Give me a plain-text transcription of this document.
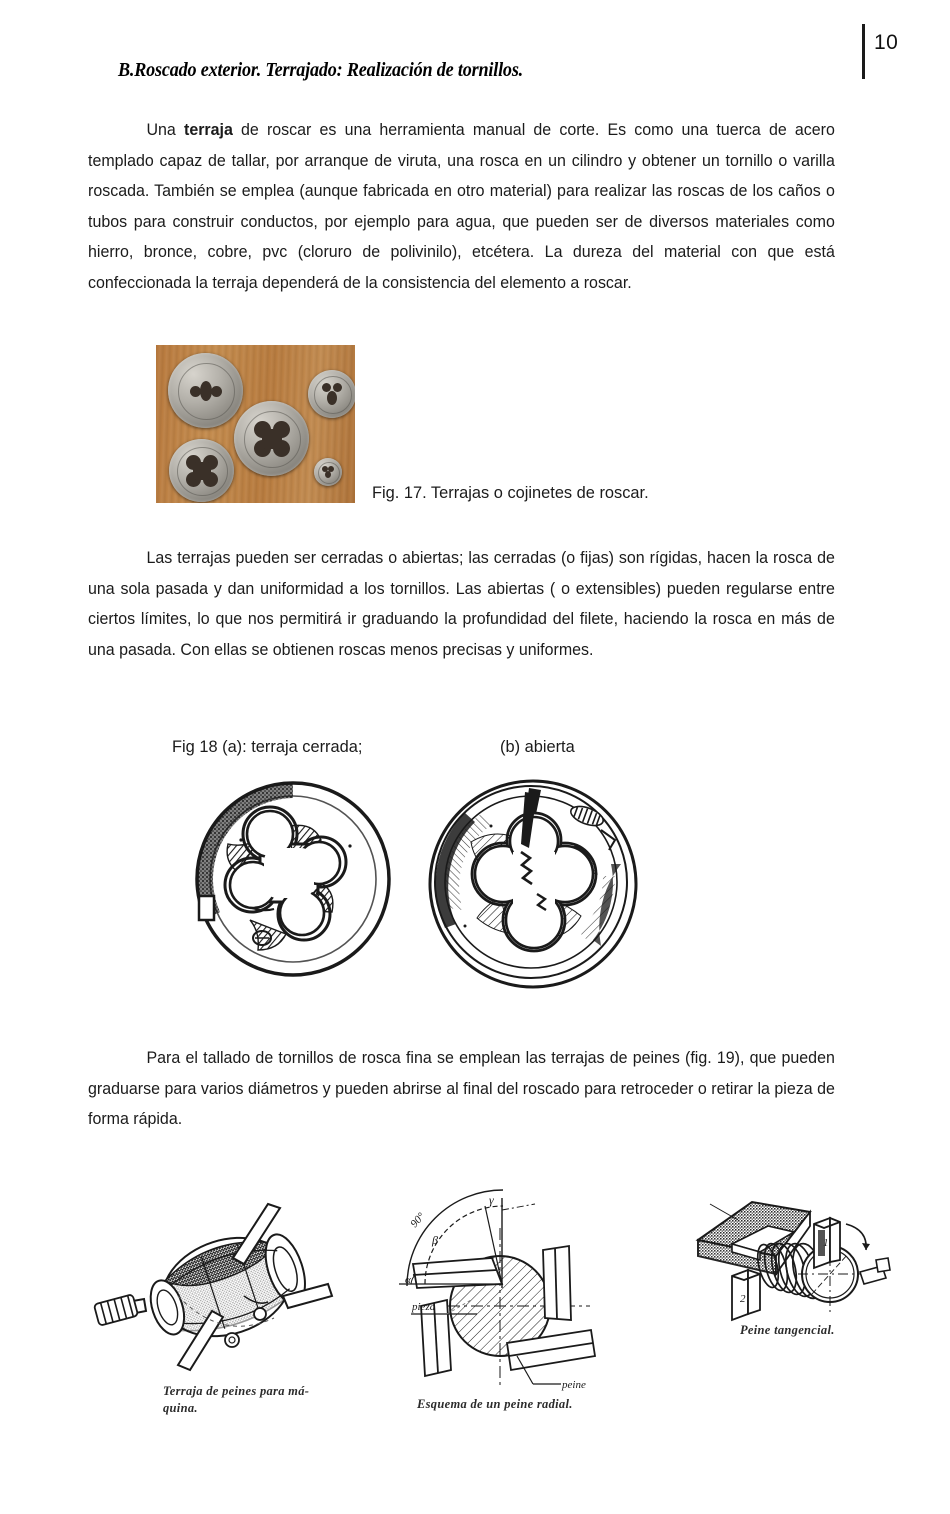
10
B.Roscado exterior. Terrajado: Realización de tornillos.
Una terraja de roscar es una herramienta manual de corte. Es como una tuerca de acero templado capaz de tallar, por arranque de viruta, una rosca en un cilindro y obtener un tornillo o varilla roscada. También se emplea (aunque fabricada en otro material) para realizar las roscas de los caños o tubos para construir conductos, por ejemplo para agua, que pueden ser de diversos materiales como hierro, bronce, cobre, pvc (cloruro de polivinilo), etcétera. La dureza del material con que está confeccionada la terraja dependerá de la consistencia del elemento a roscar.
Fig. 17. Terrajas o cojinetes de roscar.
Las terrajas pueden ser cerradas o abiertas; las cerradas (o fijas) son rígidas, hacen la rosca de una sola pasada y dan uniformidad a los tornillos. Las abiertas ( o extensibles) pueden regularse entre ciertos límites, lo que nos permitirá ir graduando la profundidad del filete, haciendo la rosca en más de una pasada. Con ellas se obtienen roscas menos precisas y uniformes.
Fig 18 (a): terraja cerrada;	(b) abierta
Para el tallado de tornillos de rosca fina se emplean las terrajas de peines (fig. 19), que pueden graduarse para varios diámetros y pueden abrirse al final del roscado para retroceder o retirar la pieza de forma rápida.
Terraja de peines para má-
quina.
90°
β
γ
α
pieza
peine
Esquema de un peine radial.
1
2
Peine tangencial.
